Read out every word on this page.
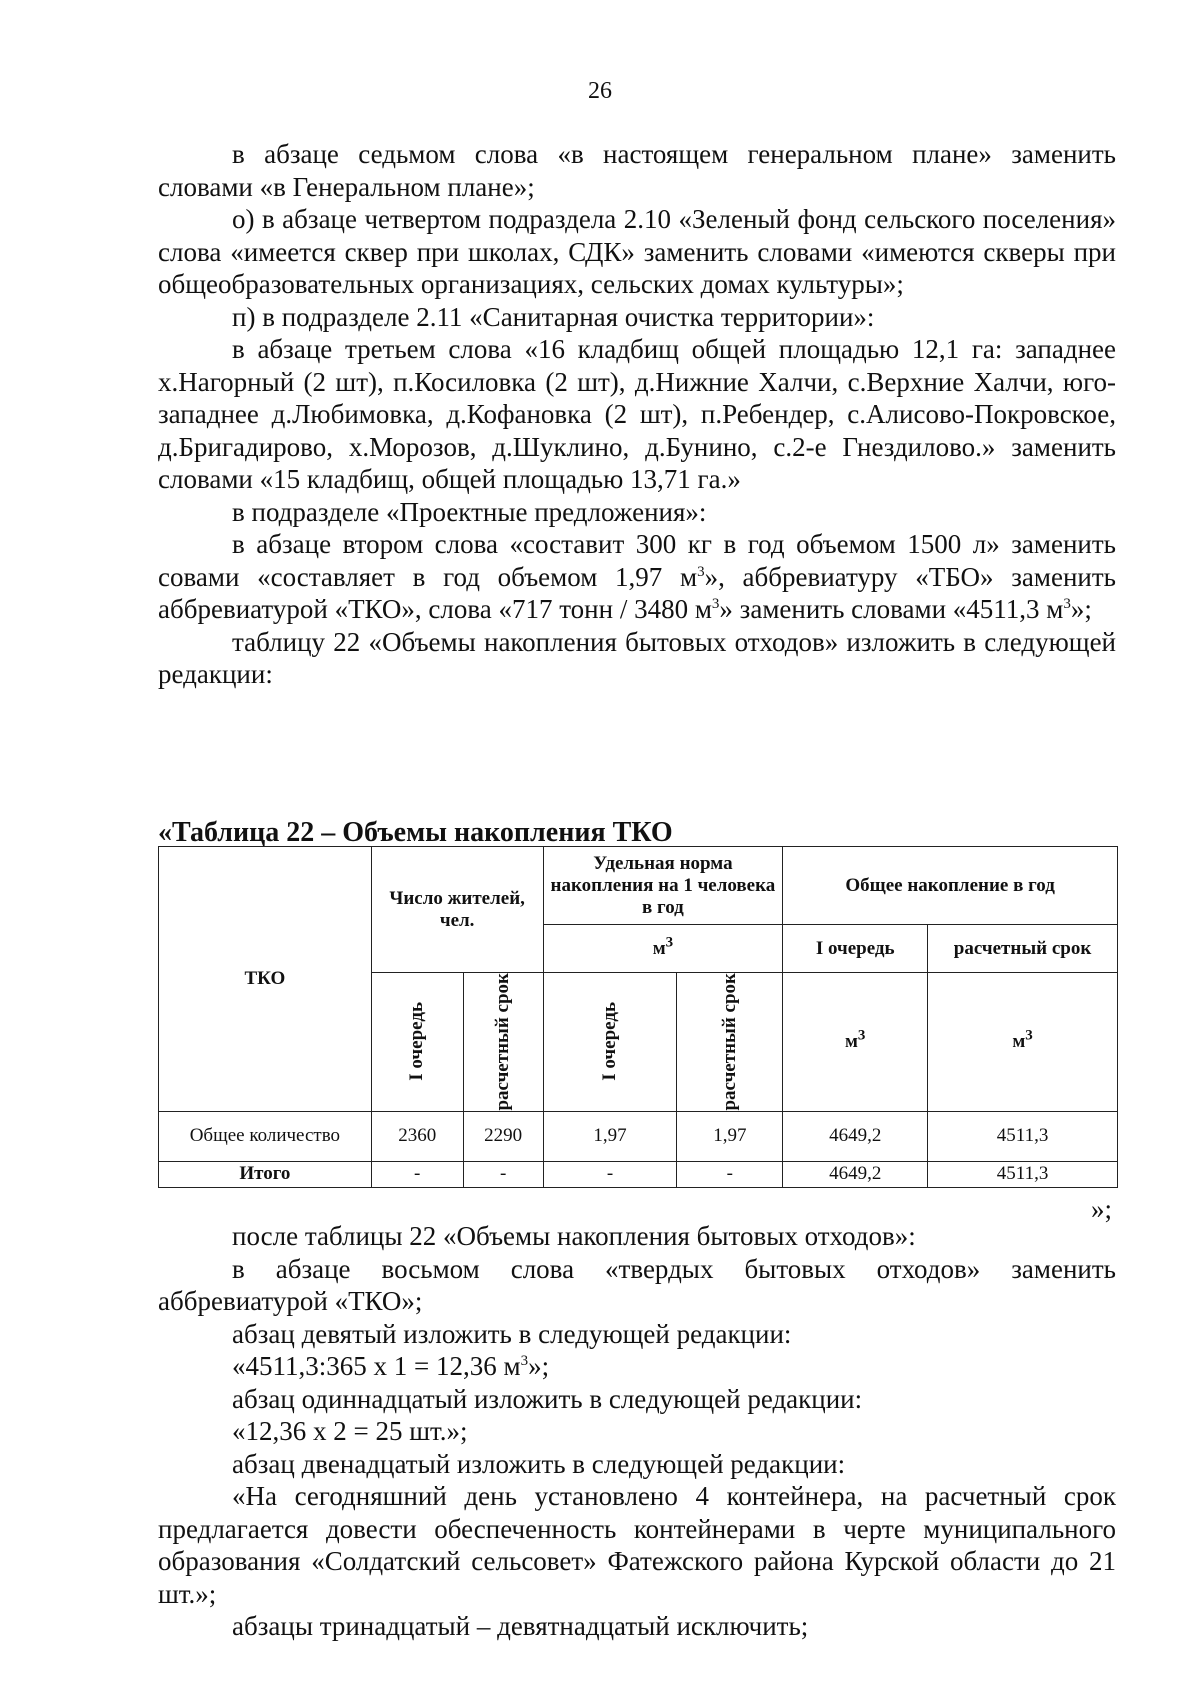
26

в абзаце седьмом слова «в настоящем генеральном плане» заменить словами «в Генеральном плане»;

о) в абзаце четвертом подраздела 2.10 «Зеленый фонд сельского поселения» слова «имеется сквер при школах, СДК» заменить словами «имеются скверы при общеобразовательных организациях, сельских домах культуры»;

п) в подразделе 2.11 «Санитарная очистка территории»:

в абзаце третьем слова «16 кладбищ общей площадью 12,1 га: западнее х.Нагорный (2 шт), п.Косиловка (2 шт), д.Нижние Халчи, с.Верхние Халчи, юго-западнее д.Любимовка, д.Кофановка (2 шт), п.Ребендер, с.Алисово-Покровское, д.Бригадирово, х.Морозов, д.Шуклино, д.Бунино, с.2-е Гнездилово.» заменить словами «15 кладбищ, общей площадью 13,71 га.»

в подразделе «Проектные предложения»:

в абзаце втором слова «составит 300 кг в год объемом 1500 л» заменить совами «составляет в год объемом 1,97 $м^3$», аббревиатуру «ТБО» заменить аббревиатурой «ТКО», слова «717 тонн / 3480 $м^3$» заменить словами «4511,3 $м^3$»;

таблицу 22 «Объемы накопления бытовых отходов» изложить в следующей редакции:

«Таблица 22 – Объемы накопления ТКО
ТКО	Число жителей, чел.		Удельная норма накопления на 1 человека в год		Общее накопление в год	
			$м^3$		I очередь	расчетный срок

	I очередь	расчетный срок	I очередь	расчетный срок	$м^3$	$м^3$
Общее количество	2360	2290	1,97	1,97	4649,2	4511,3
Итого	-	-	-	-	4649,2	4511,3
»;

после таблицы 22 «Объемы накопления бытовых отходов»:

в абзаце восьмом слова «твердых бытовых отходов» заменить аббревиатурой «ТКО»;

абзац девятый изложить в следующей редакции:

«4511,3:365 х 1 = 12,36 $м^3$»;

абзац одиннадцатый изложить в следующей редакции:

«12,36 х 2 = 25 шт.»;

абзац двенадцатый изложить в следующей редакции:

«На сегодняшний день установлено 4 контейнера, на расчетный срок предлагается довести обеспеченность контейнерами в черте муниципального образования «Солдатский сельсовет» Фатежского района Курской области до 21 шт.»;

абзацы тринадцатый – девятнадцатый исключить;
